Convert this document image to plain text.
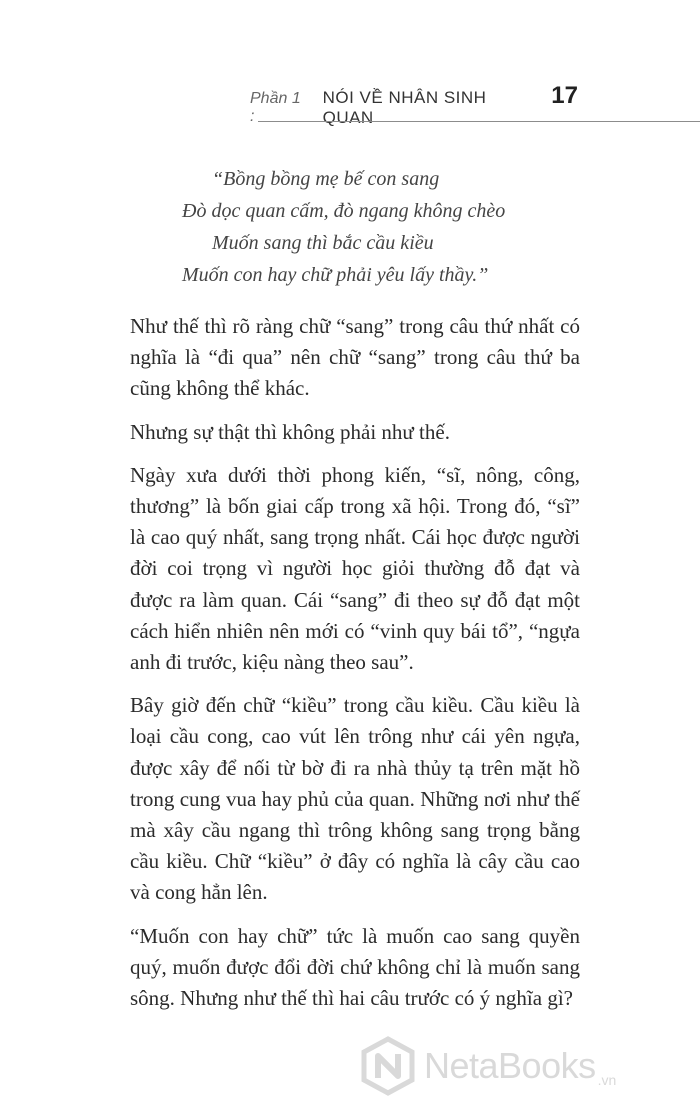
Phần 1 :
NÓI VỀ NHÂN SINH QUAN
17
“Bồng bồng mẹ bế con sang
Đò dọc quan cấm, đò ngang không chèo
Muốn sang thì bắc cầu kiều
Muốn con hay chữ phải yêu lấy thầy.”

Như thế thì rõ ràng chữ “sang” trong câu thứ nhất có nghĩa là “đi qua” nên chữ “sang” trong câu thứ ba cũng không thể khác.

Nhưng sự thật thì không phải như thế.

Ngày xưa dưới thời phong kiến, “sĩ, nông, công, thương” là bốn giai cấp trong xã hội. Trong đó, “sĩ” là cao quý nhất, sang trọng nhất. Cái học được người đời coi trọng vì người học giỏi thường đỗ đạt và được ra làm quan. Cái “sang” đi theo sự đỗ đạt một cách hiển nhiên nên mới có “vinh quy bái tổ”, “ngựa anh đi trước, kiệu nàng theo sau”.

Bây giờ đến chữ “kiều” trong cầu kiều. Cầu kiều là loại cầu cong, cao vút lên trông như cái yên ngựa, được xây để nối từ bờ đi ra nhà thủy tạ trên mặt hồ trong cung vua hay phủ của quan. Những nơi như thế mà xây cầu ngang thì trông không sang trọng bằng cầu kiều. Chữ “kiều” ở đây có nghĩa là cây cầu cao và cong hẳn lên.

“Muốn con hay chữ” tức là muốn cao sang quyền quý, muốn được đổi đời chứ không chỉ là muốn sang sông. Nhưng như thế thì hai câu trước có ý nghĩa gì?

NetaBooks .vn
